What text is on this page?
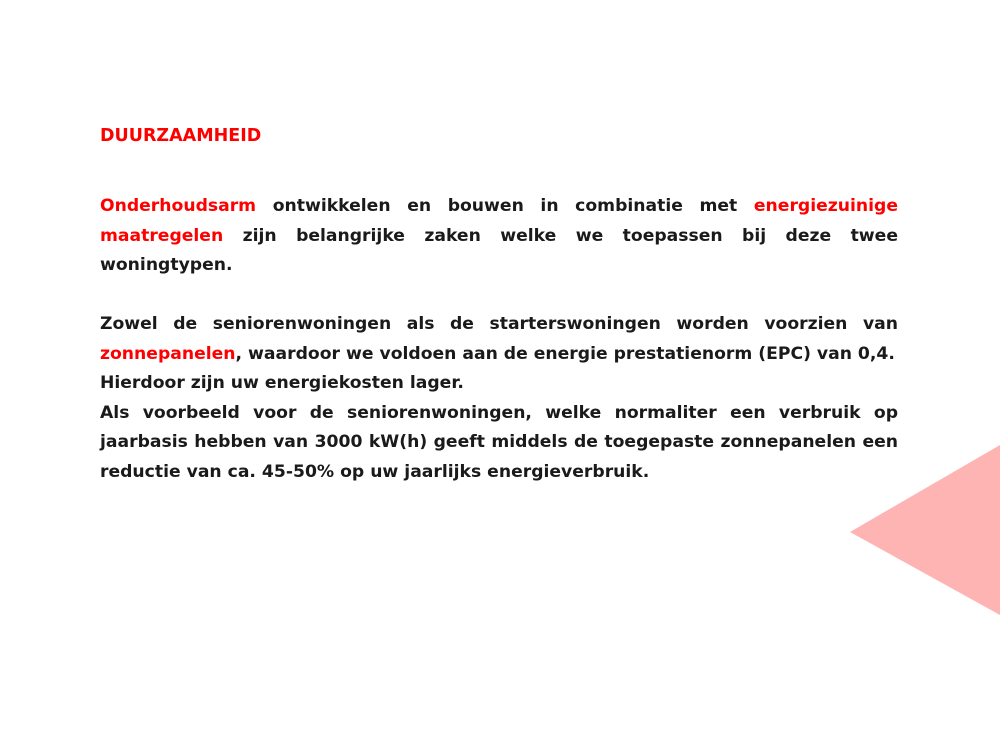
DUURZAAMHEID

Onderhoudsarm ontwikkelen en bouwen in combinatie met energiezuinige maatregelen zijn belangrijke zaken welke we toepassen bij deze twee woningtypen.

Zowel de seniorenwoningen als de starterswoningen worden voorzien van zonnepanelen, waardoor we voldoen aan de energie prestatienorm (EPC) van 0,4.

Hierdoor zijn uw energiekosten lager.

Als voorbeeld voor de seniorenwoningen, welke normaliter een verbruik op jaarbasis hebben van 3000 kW(h) geeft middels de toegepaste zonnepanelen een reductie van ca. 45-50% op uw jaarlijks energieverbruik.
